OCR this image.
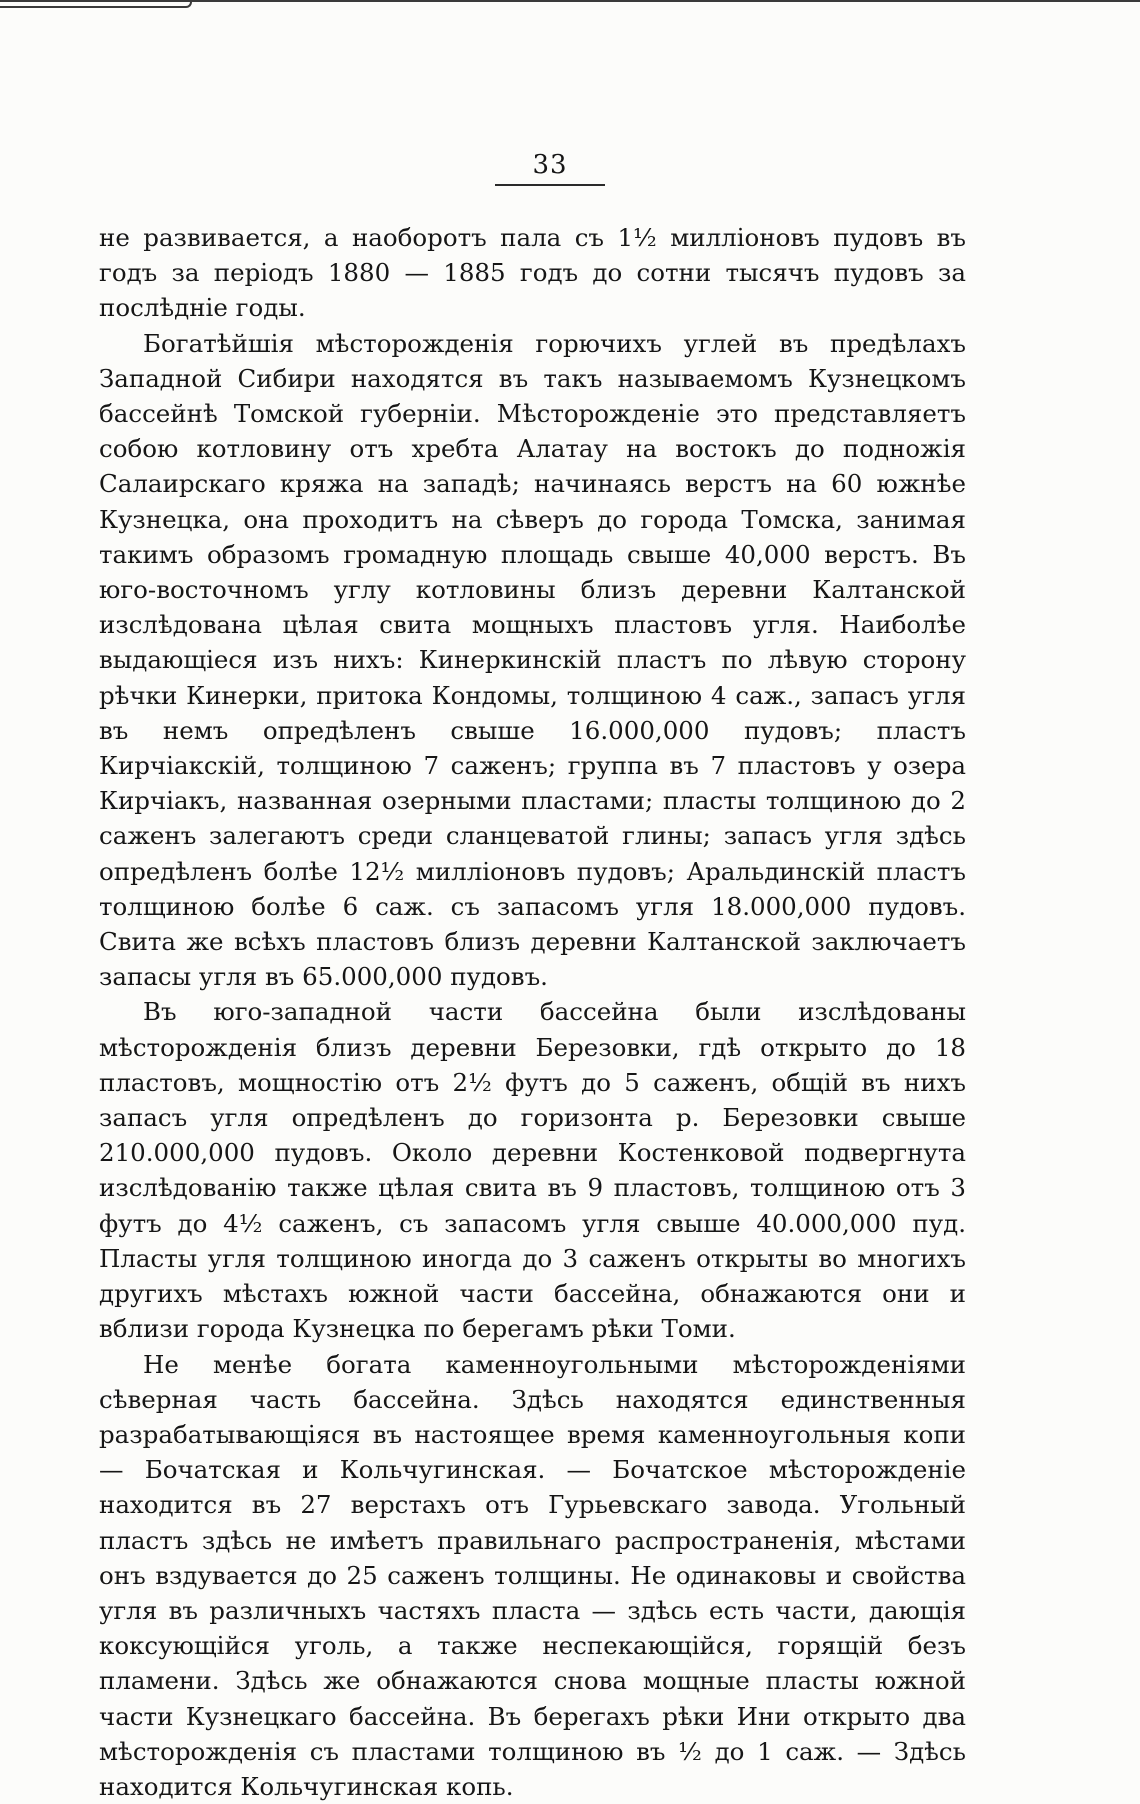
33

не развивается, а наоборотъ пала съ 1½ милліоновъ пудовъ въ годъ за періодъ 1880 — 1885 годъ до сотни тысячъ пудовъ за послѣдніе годы.

Богатѣйшія мѣсторожденія горючихъ углей въ предѣлахъ Западной Сибири находятся въ такъ называемомъ Кузнецкомъ бассейнѣ Томской губерніи. Мѣсторожденіе это представляетъ собою котловину отъ хребта Алатау на востокъ до подножія Салаирскаго кряжа на западѣ; начинаясь верстъ на 60 южнѣе Кузнецка, она проходитъ на сѣверъ до города Томска, занимая такимъ образомъ громадную площадь свыше 40,000 верстъ. Въ юго-восточномъ углу котловины близъ деревни Калтанской изслѣдована цѣлая свита мощныхъ пластовъ угля. Наиболѣе выдающіеся изъ нихъ: Кинеркинскій пластъ по лѣвую сторону рѣчки Кинерки, притока Кондомы, толщиною 4 саж., запасъ угля въ немъ опредѣленъ свыше 16.000,000 пудовъ; пластъ Кирчіакскій, толщиною 7 саженъ; группа въ 7 пластовъ у озера Кирчіакъ, названная озерными пластами; пласты толщиною до 2 саженъ залегаютъ среди сланцеватой глины; запасъ угля здѣсь опредѣленъ болѣе 12½ милліоновъ пудовъ; Аральдинскій пластъ толщиною болѣе 6 саж. съ запасомъ угля 18.000,000 пудовъ. Свита же всѣхъ пластовъ близъ деревни Калтанской заключаетъ запасы угля въ 65.000,000 пудовъ.

Въ юго-западной части бассейна были изслѣдованы мѣсторожденія близъ деревни Березовки, гдѣ открыто до 18 пластовъ, мощностію отъ 2½ футъ до 5 саженъ, общій въ нихъ запасъ угля опредѣленъ до горизонта р. Березовки свыше 210.000,000 пудовъ. Около деревни Костенковой подвергнута изслѣдованію также цѣлая свита въ 9 пластовъ, толщиною отъ 3 футъ до 4½ саженъ, съ запасомъ угля свыше 40.000,000 пуд. Пласты угля толщиною иногда до 3 саженъ открыты во многихъ другихъ мѣстахъ южной части бассейна, обнажаются они и вблизи города Кузнецка по берегамъ рѣки Томи.

Не менѣе богата каменноугольными мѣсторожденіями сѣверная часть бассейна. Здѣсь находятся единственныя разрабатывающіяся въ настоящее время каменноугольныя копи — Бочатская и Кольчугинская. — Бочатское мѣсторожденіе находится въ 27 верстахъ отъ Гурьевскаго завода. Угольный пластъ здѣсь не имѣетъ правильнаго распространенія, мѣстами онъ вздувается до 25 саженъ толщины. Не одинаковы и свойства угля въ различныхъ частяхъ пласта — здѣсь есть части, дающія коксующійся уголь, а также неспекающійся, горящій безъ пламени. Здѣсь же обнажаются снова мощные пласты южной части Кузнецкаго бассейна. Въ берегахъ рѣки Ини открыто два мѣсторожденія съ пластами толщиною въ ½ до 1 саж. — Здѣсь находится Кольчугинская копь.
